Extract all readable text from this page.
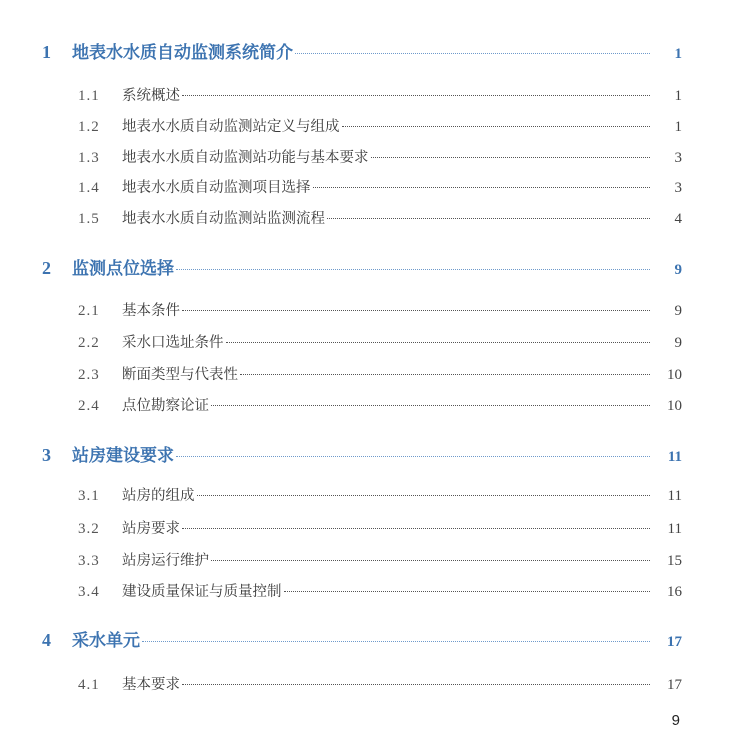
1	地表水水质自动监测系统简介	1
1.1	系统概述	1
1.2	地表水水质自动监测站定义与组成	1
1.3	地表水水质自动监测站功能与基本要求	3
1.4	地表水水质自动监测项目选择	3
1.5	地表水水质自动监测站监测流程	4
2	监测点位选择	9
2.1	基本条件	9
2.2	采水口选址条件	9
2.3	断面类型与代表性	10
2.4	点位勘察论证	10
3	站房建设要求	11
3.1	站房的组成	11
3.2	站房要求	11
3.3	站房运行维护	15
3.4	建设质量保证与质量控制	16
4	采水单元	17
4.1	基本要求	17
9
